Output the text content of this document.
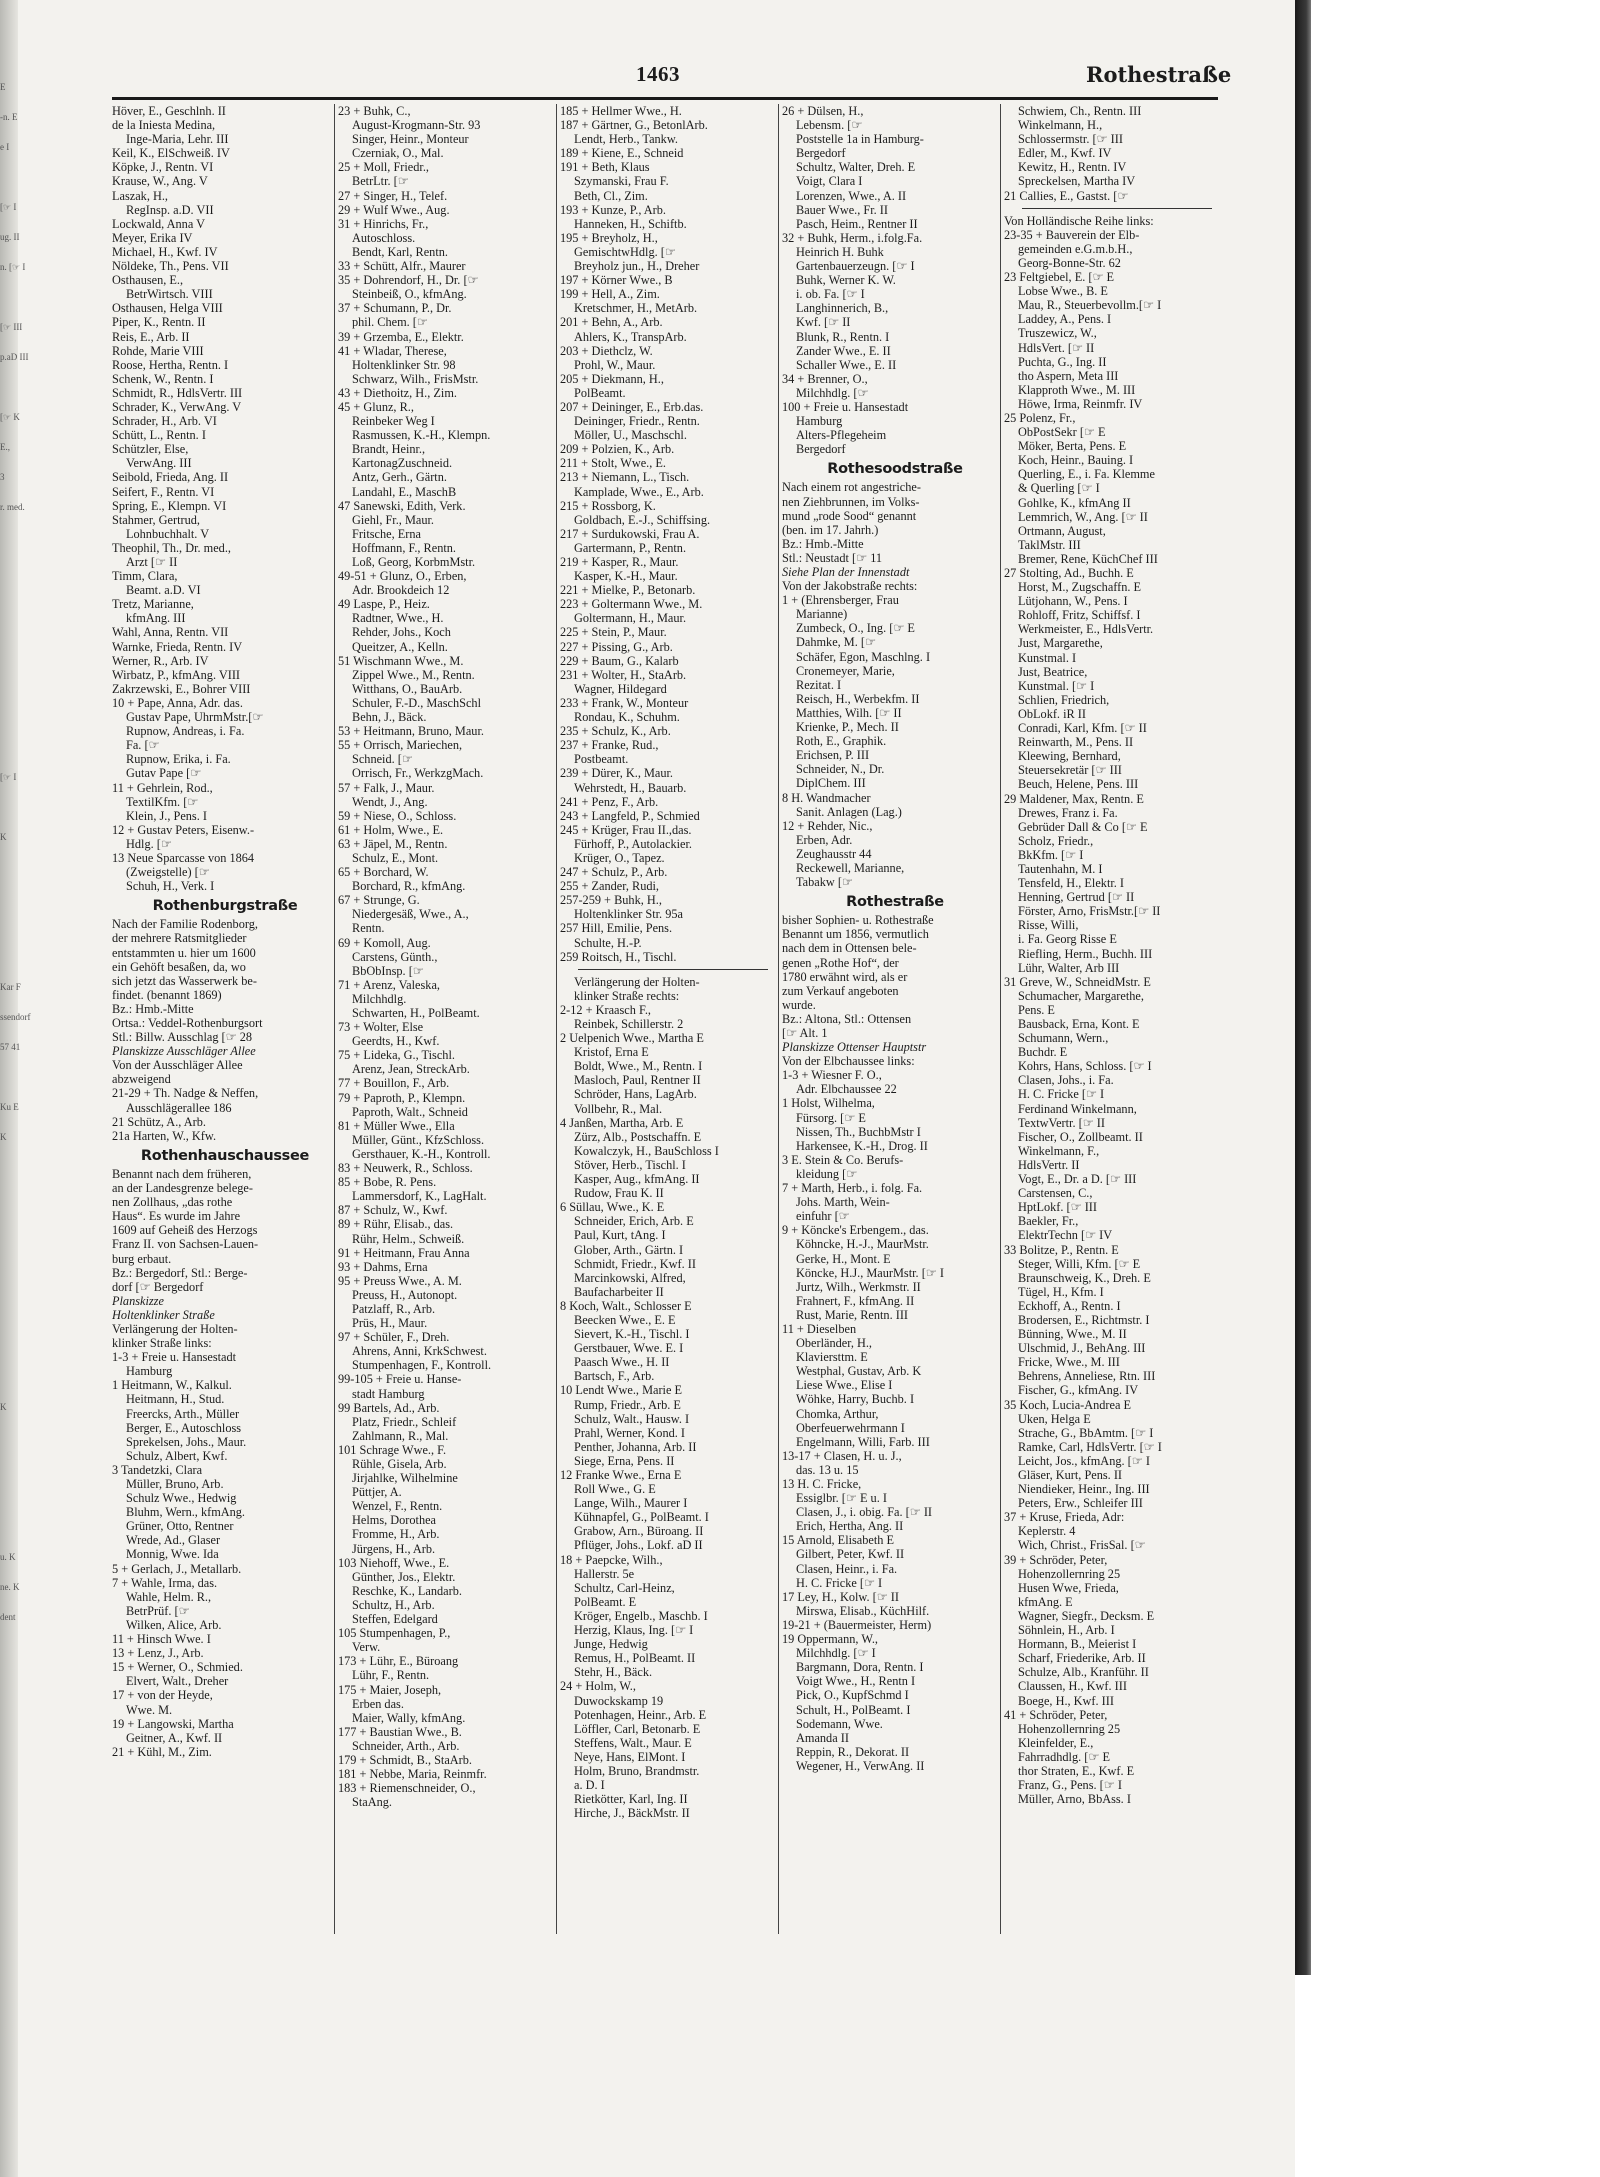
E
-n. E
e I
[☞ I
ug. II
n. [☞ I
[☞ III
p.aD III
[☞ K
E.,
3
r. med.
[☞ I
K
Kar F
ssendorf
57 41
Ku E
K
K
u. K
ne. K
dent
1463	Rothestraße
Höver, E., Geschlnh. II
de la Iniesta Medina,
Inge-Maria, Lehr. III
Keil, K., ElSchweiß. IV
Köpke, J., Rentn. VI
Krause, W., Ang. V
Laszak, H.,
RegInsp. a.D. VII
Lockwald, Anna V
Meyer, Erika IV
Michael, H., Kwf. IV
Nöldeke, Th., Pens. VII
Osthausen, E.,
BetrWirtsch. VIII
Osthausen, Helga VIII
Piper, K., Rentn. II
Reis, E., Arb. II
Rohde, Marie VIII
Roose, Hertha, Rentn. I
Schenk, W., Rentn. I
Schmidt, R., HdlsVertr. III
Schrader, K., VerwAng. V
Schrader, H., Arb. VI
Schütt, L., Rentn. I
Schützler, Else,
VerwAng. III
Seibold, Frieda, Ang. II
Seifert, F., Rentn. VI
Spring, E., Klempn. VI
Stahmer, Gertrud,
Lohnbuchhalt. V
Theophil, Th., Dr. med.,
Arzt [☞ II
Timm, Clara,
Beamt. a.D. VI
Tretz, Marianne,
kfmAng. III
Wahl, Anna, Rentn. VII
Warnke, Frieda, Rentn. IV
Werner, R., Arb. IV
Wirbatz, P., kfmAng. VIII
Zakrzewski, E., Bohrer VIII
10 + Pape, Anna, Adr. das.
Gustav Pape, UhrmMstr.[☞
Rupnow, Andreas, i. Fa.
Fa. [☞
Rupnow, Erika, i. Fa.
Gutav Pape [☞
11 + Gehrlein, Rod.,
TextilKfm. [☞
Klein, J., Pens. I
12 + Gustav Peters, Eisenw.-
Hdlg. [☞
13 Neue Sparcasse von 1864
(Zweigstelle) [☞
Schuh, H., Verk. I
Rothenburgstraße
Nach der Familie Rodenborg,
der mehrere Ratsmitglieder
entstammten u. hier um 1600
ein Gehöft besaßen, da, wo
sich jetzt das Wasserwerk be-
findet. (benannt 1869)
Bz.: Hmb.-Mitte
Ortsa.: Veddel-Rothenburgsort
Stl.: Billw. Ausschlag [☞ 28
Planskizze Ausschläger Allee
Von der Ausschläger Allee
abzweigend
21-29 + Th. Nadge & Neffen,
Ausschlägerallee 186
21 Schütz, A., Arb.
21a Harten, W., Kfw.
Rothenhauschaussee
Benannt nach dem früheren,
an der Landesgrenze belege-
nen Zollhaus, „das rothe
Haus“. Es wurde im Jahre
1609 auf Geheiß des Herzogs
Franz II. von Sachsen-Lauen-
burg erbaut.
Bz.: Bergedorf, Stl.: Berge-
dorf [☞ Bergedorf
Planskizze
Holtenklinker Straße
Verlängerung der Holten-
klinker Straße links:
1-3 + Freie u. Hansestadt
Hamburg
1 Heitmann, W., Kalkul.
Heitmann, H., Stud.
Freercks, Arth., Müller
Berger, E., Autoschloss
Sprekelsen, Johs., Maur.
Schulz, Albert, Kwf.
3 Tandetzki, Clara
Müller, Bruno, Arb.
Schulz Wwe., Hedwig
Bluhm, Wern., kfmAng.
Grüner, Otto, Rentner
Wrede, Ad., Glaser
Monnig, Wwe. Ida
5 + Gerlach, J., Metallarb.
7 + Wahle, Irma, das.
Wahle, Helm. R.,
BetrPrüf. [☞
Wilken, Alice, Arb.
11 + Hinsch Wwe. I
13 + Lenz, J., Arb.
15 + Werner, O., Schmied.
Elvert, Walt., Dreher
17 + von der Heyde,
Wwe. M.
19 + Langowski, Martha
Geitner, A., Kwf. II
21 + Kühl, M., Zim.
23 + Buhk, C.,
August-Krogmann-Str. 93
Singer, Heinr., Monteur
Czerniak, O., Mal.
25 + Moll, Friedr.,
BetrLtr. [☞
27 + Singer, H., Telef.
29 + Wulf Wwe., Aug.
31 + Hinrichs, Fr.,
Autoschloss.
Bendt, Karl, Rentn.
33 + Schütt, Alfr., Maurer
35 + Dohrendorf, H., Dr. [☞
Steinbeiß, O., kfmAng.
37 + Schumann, P., Dr.
phil. Chem. [☞
39 + Grzemba, E., Elektr.
41 + Wladar, Therese,
Holtenklinker Str. 98
Schwarz, Wilh., FrisMstr.
43 + Diethoitz, H., Zim.
45 + Glunz, R.,
Reinbeker Weg I
Rasmussen, K.-H., Klempn.
Brandt, Heinr.,
KartonagZuschneid.
Antz, Gerh., Gärtn.
Landahl, E., MaschB
47 Sanewski, Edith, Verk.
Giehl, Fr., Maur.
Fritsche, Erna
Hoffmann, F., Rentn.
Loß, Georg, KorbmMstr.
49-51 + Glunz, O., Erben,
Adr. Brookdeich 12
49 Laspe, P., Heiz.
Radtner, Wwe., H.
Rehder, Johs., Koch
Queitzer, A., Kelln.
51 Wischmann Wwe., M.
Zippel Wwe., M., Rentn.
Witthans, O., BauArb.
Schuler, F.-D., MaschSchl
Behn, J., Bäck.
53 + Heitmann, Bruno, Maur.
55 + Orrisch, Mariechen,
Schneid. [☞
Orrisch, Fr., WerkzgMach.
57 + Falk, J., Maur.
Wendt, J., Ang.
59 + Niese, O., Schloss.
61 + Holm, Wwe., E.
63 + Jäpel, M., Rentn.
Schulz, E., Mont.
65 + Borchard, W.
Borchard, R., kfmAng.
67 + Strunge, G.
Niedergesäß, Wwe., A.,
Rentn.
69 + Komoll, Aug.
Carstens, Günth.,
BbObInsp. [☞
71 + Arenz, Valeska,
Milchhdlg.
Schwarten, H., PolBeamt.
73 + Wolter, Else
Geerdts, H., Kwf.
75 + Lideka, G., Tischl.
Arenz, Jean, StreckArb.
77 + Bouillon, F., Arb.
79 + Paproth, P., Klempn.
Paproth, Walt., Schneid
81 + Müller Wwe., Ella
Müller, Günt., KfzSchloss.
Gersthauer, K.-H., Kontroll.
83 + Neuwerk, R., Schloss.
85 + Bobe, R. Pens.
Lammersdorf, K., LagHalt.
87 + Schulz, W., Kwf.
89 + Rühr, Elisab., das.
Rühr, Helm., Schweiß.
91 + Heitmann, Frau Anna
93 + Dahms, Erna
95 + Preuss Wwe., A. M.
Preuss, H., Autonopt.
Patzlaff, R., Arb.
Prüs, H., Maur.
97 + Schüler, F., Dreh.
Ahrens, Anni, KrkSchwest.
Stumpenhagen, F., Kontroll.
99-105 + Freie u. Hanse-
stadt Hamburg
99 Bartels, Ad., Arb.
Platz, Friedr., Schleif
Zahlmann, R., Mal.
101 Schrage Wwe., F.
Rühle, Gisela, Arb.
Jirjahlke, Wilhelmine
Püttjer, A.
Wenzel, F., Rentn.
Helms, Dorothea
Fromme, H., Arb.
Jürgens, H., Arb.
103 Niehoff, Wwe., E.
Günther, Jos., Elektr.
Reschke, K., Landarb.
Schultz, H., Arb.
Steffen, Edelgard
105 Stumpenhagen, P.,
Verw.
173 + Lühr, E., Büroang
Lühr, F., Rentn.
175 + Maier, Joseph,
Erben das.
Maier, Wally, kfmAng.
177 + Baustian Wwe., B.
Schneider, Arth., Arb.
179 + Schmidt, B., StaArb.
181 + Nebbe, Maria, Reinmfr.
183 + Riemenschneider, O.,
StaAng.
185 + Hellmer Wwe., H.
187 + Gärtner, G., BetonlArb.
Lendt, Herb., Tankw.
189 + Kiene, E., Schneid
191 + Beth, Klaus
Szymanski, Frau F.
Beth, Cl., Zim.
193 + Kunze, P., Arb.
Hanneken, H., Schiftb.
195 + Breyholz, H.,
GemischtwHdlg. [☞
Breyholz jun., H., Dreher
197 + Körner Wwe., B
199 + Hell, A., Zim.
Kretschmer, H., MetArb.
201 + Behn, A., Arb.
Ahlers, K., TranspArb.
203 + Diethclz, W.
Prohl, W., Maur.
205 + Diekmann, H.,
PolBeamt.
207 + Deininger, E., Erb.das.
Deininger, Friedr., Rentn.
Möller, U., Maschschl.
209 + Polzien, K., Arb.
211 + Stolt, Wwe., E.
213 + Niemann, L., Tisch.
Kamplade, Wwe., E., Arb.
215 + Rossborg, K.
Goldbach, E.-J., Schiffsing.
217 + Surdukowski, Frau A.
Gartermann, P., Rentn.
219 + Kasper, R., Maur.
Kasper, K.-H., Maur.
221 + Mielke, P., Betonarb.
223 + Goltermann Wwe., M.
Goltermann, H., Maur.
225 + Stein, P., Maur.
227 + Pissing, G., Arb.
229 + Baum, G., Kalarb
231 + Wolter, H., StaArb.
Wagner, Hildegard
233 + Frank, W., Monteur
Rondau, K., Schuhm.
235 + Schulz, K., Arb.
237 + Franke, Rud.,
Postbeamt.
239 + Dürer, K., Maur.
Wehrstedt, H., Bauarb.
241 + Penz, F., Arb.
243 + Langfeld, P., Schmied
245 + Krüger, Frau II.,das.
Fürhoff, P., Autolackier.
Krüger, O., Tapez.
247 + Schulz, P., Arb.
255 + Zander, Rudi,
257-259 + Buhk, H.,
Holtenklinker Str. 95a
257 Hill, Emilie, Pens.
Schulte, H.-P.
259 Roitsch, H., Tischl.
Verlängerung der Holten-
klinker Straße rechts:
2-12 + Kraasch F.,
Reinbek, Schillerstr. 2
2 Uelpenich Wwe., Martha E
Kristof, Erna E
Boldt, Wwe., M., Rentn. I
Masloch, Paul, Rentner II
Schröder, Hans, LagArb.
Vollbehr, R., Mal.
4 Janßen, Martha, Arb. E
Zürz, Alb., Postschaffn. E
Kowalczyk, H., BauSchloss I
Stöver, Herb., Tischl. I
Kasper, Aug., kfmAng. II
Rudow, Frau K. II
6 Süllau, Wwe., K. E
Schneider, Erich, Arb. E
Paul, Kurt, tAng. I
Glober, Arth., Gärtn. I
Schmidt, Friedr., Kwf. II
Marcinkowski, Alfred,
Baufacharbeiter II
8 Koch, Walt., Schlosser E
Beecken Wwe., E. E
Sievert, K.-H., Tischl. I
Gerstbauer, Wwe. E. I
Paasch Wwe., H. II
Bartsch, F., Arb.
10 Lendt Wwe., Marie E
Rump, Friedr., Arb. E
Schulz, Walt., Hausw. I
Prahl, Werner, Kond. I
Penther, Johanna, Arb. II
Siege, Erna, Pens. II
12 Franke Wwe., Erna E
Roll Wwe., G. E
Lange, Wilh., Maurer I
Kühnapfel, G., PolBeamt. I
Grabow, Arn., Büroang. II
Pflüger, Johs., Lokf. aD II
18 + Paepcke, Wilh.,
Hallerstr. 5e
Schultz, Carl-Heinz,
PolBeamt. E
Kröger, Engelb., Maschb. I
Herzig, Klaus, Ing. [☞ I
Junge, Hedwig
Remus, H., PolBeamt. II
Stehr, H., Bäck.
24 + Holm, W.,
Duwockskamp 19
Potenhagen, Heinr., Arb. E
Löffler, Carl, Betonarb. E
Steffens, Walt., Maur. E
Neye, Hans, ElMont. I
Holm, Bruno, Brandmstr.
a. D. I
Rietkötter, Karl, Ing. II
Hirche, J., BäckMstr. II
26 + Dülsen, H.,
Lebensm. [☞
Poststelle 1a in Hamburg-
Bergedorf
Schultz, Walter, Dreh. E
Voigt, Clara I
Lorenzen, Wwe., A. II
Bauer Wwe., Fr. II
Pasch, Heim., Rentner II
32 + Buhk, Herm., i.folg.Fa.
Heinrich H. Buhk
Gartenbauerzeugn. [☞ I
Buhk, Werner K. W.
i. ob. Fa. [☞ I
Langhinnerich, B.,
Kwf. [☞ II
Blunk, R., Rentn. I
Zander Wwe., E. II
Schaller Wwe., E. II
34 + Brenner, O.,
Milchhdlg. [☞
100 + Freie u. Hansestadt
Hamburg
Alters-Pflegeheim
Bergedorf
Rothesoodstraße
Nach einem rot angestriche-
nen Ziehbrunnen, im Volks-
mund „rode Sood“ genannt
(ben. im 17. Jahrh.)
Bz.: Hmb.-Mitte
Stl.: Neustadt [☞ 11
Siehe Plan der Innenstadt
Von der Jakobstraße rechts:
1 + (Ehrensberger, Frau
Marianne)
Zumbeck, O., Ing. [☞ E
Dahmke, M. [☞
Schäfer, Egon, Maschlng. I
Cronemeyer, Marie,
Rezitat. I
Reisch, H., Werbekfm. II
Matthies, Wilh. [☞ II
Krienke, P., Mech. II
Roth, E., Graphik.
Erichsen, P. III
Schneider, N., Dr.
DiplChem. III
8 H. Wandmacher
Sanit. Anlagen (Lag.)
12 + Rehder, Nic.,
Erben, Adr.
Zeughausstr 44
Reckewell, Marianne,
Tabakw [☞
Rothestraße
bisher Sophien- u. Rothestraße
Benannt um 1856, vermutlich
nach dem in Ottensen bele-
genen „Rothe Hof“, der
1780 erwähnt wird, als er
zum Verkauf angeboten
wurde.
Bz.: Altona, Stl.: Ottensen
[☞ Alt. 1
Planskizze Ottenser Hauptstr
Von der Elbchaussee links:
1-3 + Wiesner F. O.,
Adr. Elbchaussee 22
1 Holst, Wilhelma,
Fürsorg. [☞ E
Nissen, Th., BuchbMstr I
Harkensee, K.-H., Drog. II
3 E. Stein & Co. Berufs-
kleidung [☞
7 + Marth, Herb., i. folg. Fa.
Johs. Marth, Wein-
einfuhr [☞
9 + Köncke's Erbengem., das.
Köhncke, H.-J., MaurMstr.
Gerke, H., Mont. E
Köncke, H.J., MaurMstr. [☞ I
Jurtz, Wilh., Werkmstr. II
Frahnert, F., kfmAng. II
Rust, Marie, Rentn. III
11 + Dieselben
Oberländer, H.,
Klaviersttm. E
Westphal, Gustav, Arb. K
Liese Wwe., Elise I
Wöhke, Harry, Buchb. I
Chomka, Arthur,
Oberfeuerwehrmann I
Engelmann, Willi, Farb. III
13-17 + Clasen, H. u. J.,
das. 13 u. 15
13 H. C. Fricke,
Essiglbr. [☞ E u. I
Clasen, J., i. obig. Fa. [☞ II
Erich, Hertha, Ang. II
15 Arnold, Elisabeth E
Gilbert, Peter, Kwf. II
Clasen, Heinr., i. Fa.
H. C. Fricke [☞ I
17 Ley, H., Kolw. [☞ II
Mirswa, Elisab., KüchHilf.
19-21 + (Bauermeister, Herm)
19 Oppermann, W.,
Milchhdlg. [☞ I
Bargmann, Dora, Rentn. I
Voigt Wwe., H., Rentn I
Pick, O., KupfSchmd I
Schult, H., PolBeamt. I
Sodemann, Wwe.
Amanda II
Reppin, R., Dekorat. II
Wegener, H., VerwAng. II
Schwiem, Ch., Rentn. III
Winkelmann, H.,
Schlossermstr. [☞ III
Edler, M., Kwf. IV
Kewitz, H., Rentn. IV
Spreckelsen, Martha IV
21 Callies, E., Gastst. [☞
Von Holländische Reihe links:
23-35 + Bauverein der Elb-
gemeinden e.G.m.b.H.,
Georg-Bonne-Str. 62
23 Feltgiebel, E. [☞ E
Lobse Wwe., B. E
Mau, R., Steuerbevollm.[☞ I
Laddey, A., Pens. I
Truszewicz, W.,
HdlsVert. [☞ II
Puchta, G., Ing. II
tho Aspern, Meta III
Klapproth Wwe., M. III
Höwe, Irma, Reinmfr. IV
25 Polenz, Fr.,
ObPostSekr [☞ E
Möker, Berta, Pens. E
Koch, Heinr., Bauing. I
Querling, E., i. Fa. Klemme
& Querling [☞ I
Gohlke, K., kfmAng II
Lemmrich, W., Ang. [☞ II
Ortmann, August,
TaklMstr. III
Bremer, Rene, KüchChef III
27 Stolting, Ad., Buchh. E
Horst, M., Zugschaffn. E
Lütjohann, W., Pens. I
Rohloff, Fritz, Schiffsf. I
Werkmeister, E., HdlsVertr.
Just, Margarethe,
Kunstmal. I
Just, Beatrice,
Kunstmal. [☞ I
Schlien, Friedrich,
ObLokf. iR II
Conradi, Karl, Kfm. [☞ II
Reinwarth, M., Pens. II
Kleewing, Bernhard,
Steuersekretär [☞ III
Beuch, Helene, Pens. III
29 Maldener, Max, Rentn. E
Drewes, Franz i. Fa.
Gebrüder Dall & Co [☞ E
Scholz, Friedr.,
BkKfm. [☞ I
Tautenhahn, M. I
Tensfeld, H., Elektr. I
Henning, Gertrud [☞ II
Förster, Arno, FrisMstr.[☞ II
Risse, Willi,
i. Fa. Georg Risse E
Riefling, Herm., Buchh. III
Lühr, Walter, Arb III
31 Greve, W., SchneidMstr. E
Schumacher, Margarethe,
Pens. E
Bausback, Erna, Kont. E
Schumann, Wern.,
Buchdr. E
Kohrs, Hans, Schloss. [☞ I
Clasen, Johs., i. Fa.
H. C. Fricke [☞ I
Ferdinand Winkelmann,
TextwVertr. [☞ II
Fischer, O., Zollbeamt. II
Winkelmann, F.,
HdlsVertr. II
Vogt, E., Dr. a D. [☞ III
Carstensen, C.,
HptLokf. [☞ III
Baekler, Fr.,
ElektrTechn [☞ IV
33 Bolitze, P., Rentn. E
Steger, Willi, Kfm. [☞ E
Braunschweig, K., Dreh. E
Tügel, H., Kfm. I
Eckhoff, A., Rentn. I
Brodersen, E., Richtmstr. I
Bünning, Wwe., M. II
Ulschmid, J., BehAng. III
Fricke, Wwe., M. III
Behrens, Anneliese, Rtn. III
Fischer, G., kfmAng. IV
35 Koch, Lucia-Andrea E
Uken, Helga E
Strache, G., BbAmtm. [☞ I
Ramke, Carl, HdlsVertr. [☞ I
Leicht, Jos., kfmAng. [☞ I
Gläser, Kurt, Pens. II
Niendieker, Heinr., Ing. III
Peters, Erw., Schleifer III
37 + Kruse, Frieda, Adr:
Keplerstr. 4
Wich, Christ., FrisSal. [☞
39 + Schröder, Peter,
Hohenzollernring 25
Husen Wwe, Frieda,
kfmAng. E
Wagner, Siegfr., Decksm. E
Söhnlein, H., Arb. I
Hormann, B., Meierist I
Scharf, Friederike, Arb. II
Schulze, Alb., Kranführ. II
Claussen, H., Kwf. III
Boege, H., Kwf. III
41 + Schröder, Peter,
Hohenzollernring 25
Kleinfelder, E.,
Fahrradhdlg. [☞ E
thor Straten, E., Kwf. E
Franz, G., Pens. [☞ I
Müller, Arno, BbAss. I
